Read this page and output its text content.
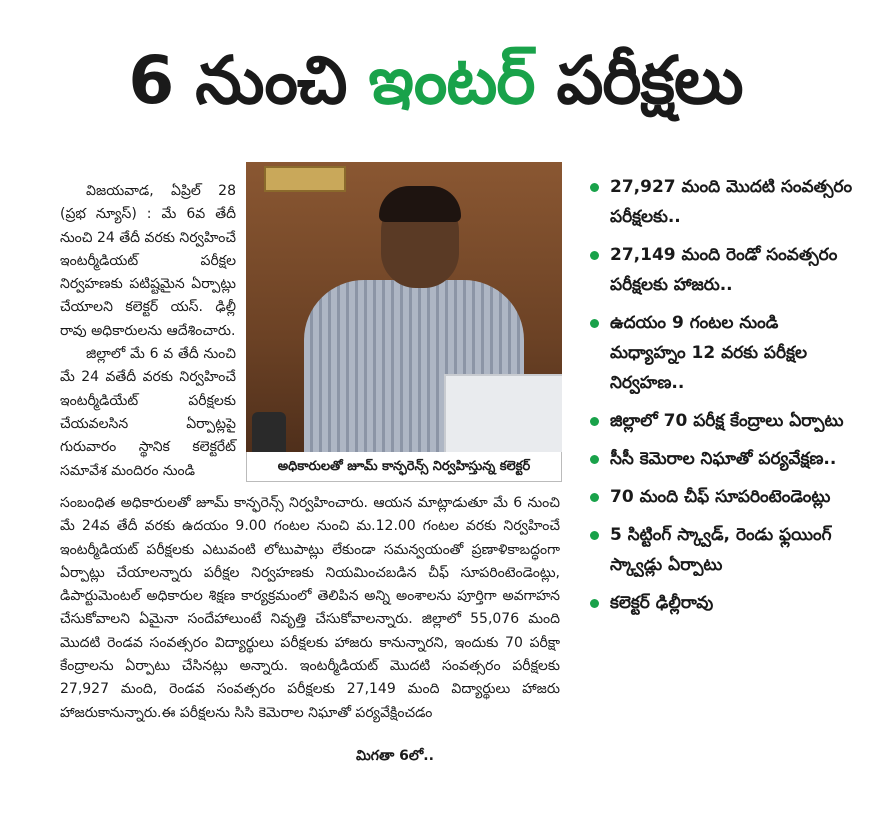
6 నుంచి ఇంటర్ పరీక్షలు

విజయవాడ, ఏప్రిల్ 28 (ప్రభ న్యూస్) : మే 6వ తేదీ నుంచి 24 తేదీ వరకు నిర్వహించే ఇంటర్మీడియట్ పరీక్షల నిర్వహణకు పటిష్టమైన ఏర్పాట్లు చేయాలని కలెక్టర్ యస్. ఢిల్లీ రావు అధికారులను ఆదేశించారు.

జిల్లాలో మే 6 వ తేదీ నుంచి మే 24 వతేదీ వరకు నిర్వహించే ఇంటర్మీడియేట్ పరీక్షలకు చేయవలసిన ఏర్పాట్లపై గురువారం స్థానిక కలెక్టరేట్ సమావేశ మందిరం నుండి

సంబంధిత అధికారులతో జూమ్ కాన్ఫరెన్స్ నిర్వహించారు. ఆయన మాట్లాడుతూ మే 6 నుంచి మే 24వ తేదీ వరకు ఉదయం 9.00 గంటల నుంచి మ.12.00 గంటల వరకు నిర్వహించే ఇంటర్మీడియట్ పరీక్షలకు ఎటువంటి లోటుపాట్లు లేకుండా సమన్వయంతో ప్రణాళికాబద్ధంగా ఏర్పాట్లు చేయాలన్నారు పరీక్షల నిర్వహణకు నియమించబడిన చీఫ్ సూపరింటెండెంట్లు, డిపార్టుమెంటల్ అధికారుల శిక్షణ కార్యక్రమంలో తెలిపిన అన్ని అంశాలను పూర్తిగా అవగాహన చేసుకోవాలని ఏమైనా సందేహాలుంటే నివృత్తి చేసుకోవాలన్నారు. జిల్లాలో 55,076 మంది మొదటి రెండవ సంవత్సరం విద్యార్థులు పరీక్షలకు హాజరు కానున్నారని, ఇందుకు 70 పరీక్షా కేంద్రాలను ఏర్పాటు చేసినట్లు అన్నారు. ఇంటర్మీడియట్ మొదటి సంవత్సరం పరీక్షలకు 27,927 మంది, రెండవ సంవత్సరం పరీక్షలకు 27,149 మంది విద్యార్థులు హాజరు హాజరుకానున్నారు.ఈ పరీక్షలను సిసి కెమెరాల నిఘాతో పర్యవేక్షించడం

మిగతా 6లో..
అధికారులతో జూమ్ కాన్ఫరెన్స్ నిర్వహిస్తున్న కలెక్టర్
27,927 మంది మొదటి సంవత్సరం పరీక్షలకు..
27,149 మంది రెండో సంవత్సరం పరీక్షలకు హాజరు..
ఉదయం 9 గంటల నుండి మధ్యాహ్నం 12 వరకు పరీక్షల నిర్వహణ..
జిల్లాలో 70 పరీక్ష కేంద్రాలు ఏర్పాటు
సీసీ కెమెరాల నిఘాతో పర్యవేక్షణ..
70 మంది చీఫ్ సూపరింటెండెంట్లు
5 సిట్టింగ్ స్క్వాడ్, రెండు ఫ్లయింగ్ స్క్వాడ్లు ఏర్పాటు
కలెక్టర్ ఢిల్లీరావు
